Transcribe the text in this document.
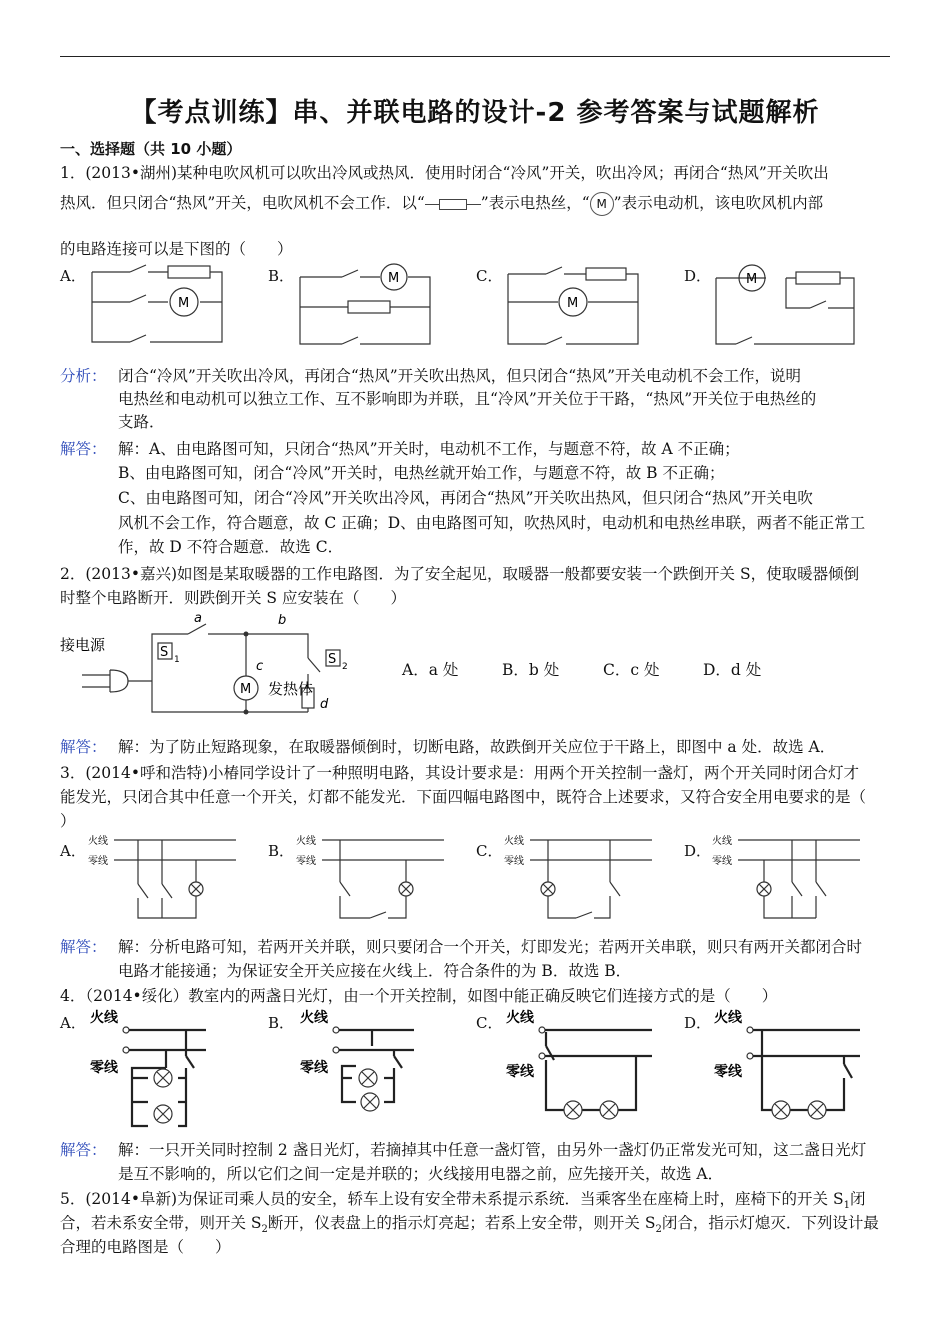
【考点训练】串、并联电路的设计-2 参考答案与试题解析
一、选择题（共 10 小题）
1．(2013•湖州)某种电吹风机可以吹出冷风或热风．使用时闭合“冷风”开关，吹出冷风；再闭合“热风”开关吹出
热风．但只闭合“热风”开关，电吹风机不会工作．以“	”表示电热丝，“ M ”表示电动机，该电吹风机内部
的电路连接可以是下图的（　　）
A．	B．	C．	D．
M
M
M
M
分析： 闭合“冷风”开关吹出冷风，再闭合“热风”开关吹出热风，但只闭合“热风”开关电动机不会工作，说明
电热丝和电动机可以独立工作、互不影响即为并联，且“冷风”开关位于干路，“热风”开关位于电热丝的
支路．
解答： 解：A、由电路图可知，只闭合“热风”开关时，电动机不工作，与题意不符，故 A 不正确；
B、由电路图可知，闭合“冷风”开关时，电热丝就开始工作，与题意不符，故 B 不正确；
C、由电路图可知，闭合“冷风”开关吹出冷风，再闭合“热风”开关吹出热风，但只闭合“热风”开关电吹
风机不会工作，符合题意，故 C 正确；D、由电路图可知，吹热风时，电动机和电热丝串联，两者不能正常工
作，故 D 不符合题意．故选 C．
2．(2013•嘉兴)如图是某取暖器的工作电路图．为了安全起见，取暖器一般都要安装一个跌倒开关 S，使取暖器倾倒
时整个电路断开．则跌倒开关 S 应安装在（　　）
接电源
M
S 1	S 2
a	b
c
d
发热体
A．a 处	B．b 处	C．c 处	D．d 处
解答： 解：为了防止短路现象，在取暖器倾倒时，切断电路，故跌倒开关应位于干路上，即图中 a 处．故选 A．
3．(2014•呼和浩特)小椿同学设计了一种照明电路，其设计要求是：用两个开关控制一盏灯，两个开关同时闭合灯才
能发光，只闭合其中任意一个开关，灯都不能发光．下面四幅电路图中，既符合上述要求，又符合安全用电要求的是（
）
A．	B．	C．	D．
火线
零线
火线
零线
火线
零线
火线
零线
解答： 解：分析电路可知，若两开关并联，则只要闭合一个开关，灯即发光；若两开关串联，则只有两开关都闭合时
电路才能接通；为保证安全开关应接在火线上．符合条件的为 B．故选 B．
4．（2014•绥化）教室内的两盏日光灯，由一个开关控制，如图中能正确反映它们连接方式的是（　　）
A．	B．	C．	D．
火线
零线
火线
零线
火线
零线
火线
零线
解答： 解：一只开关同时控制 2 盏日光灯，若摘掉其中任意一盏灯管，由另外一盏灯仍正常发光可知，这二盏日光灯
是互不影响的，所以它们之间一定是并联的；火线接用电器之前，应先接开关，故选 A．
5．(2014•阜新)为保证司乘人员的安全，轿车上设有安全带未系提示系统．当乘客坐在座椅上时，座椅下的开关 $S_1$闭
合，若未系安全带，则开关 $S_2$断开，仪表盘上的指示灯亮起；若系上安全带，则开关 $S_2$闭合，指示灯熄灭．下列设计最
合理的电路图是（　　）
